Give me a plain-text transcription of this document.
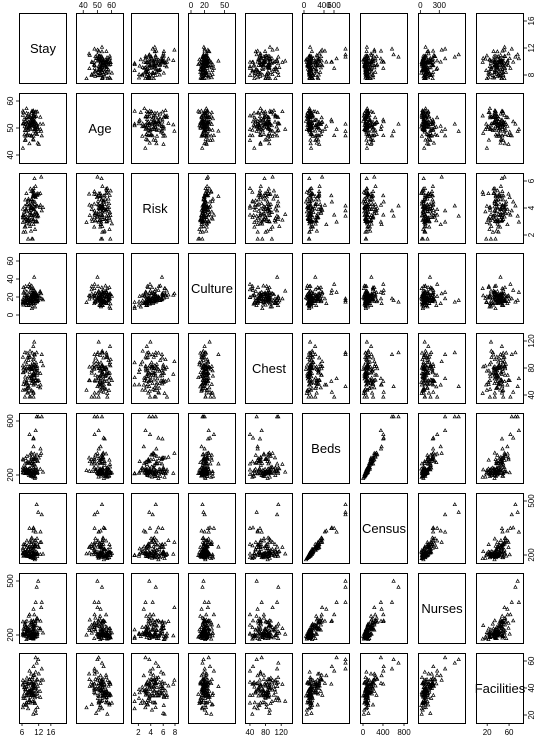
Stay
Age
Risk
Culture
Chest
Beds
Census
Nurses
Facilities
40 50 60	0 20 50	0 400
600	0 300
6 12 16	2 4 6 8	40 80 120	0 400 800	20 60
40
50
60
0
20
40
60
200
600
200
500
8
12
16
2
4
6
40
80
120
200
500
20
40
60
